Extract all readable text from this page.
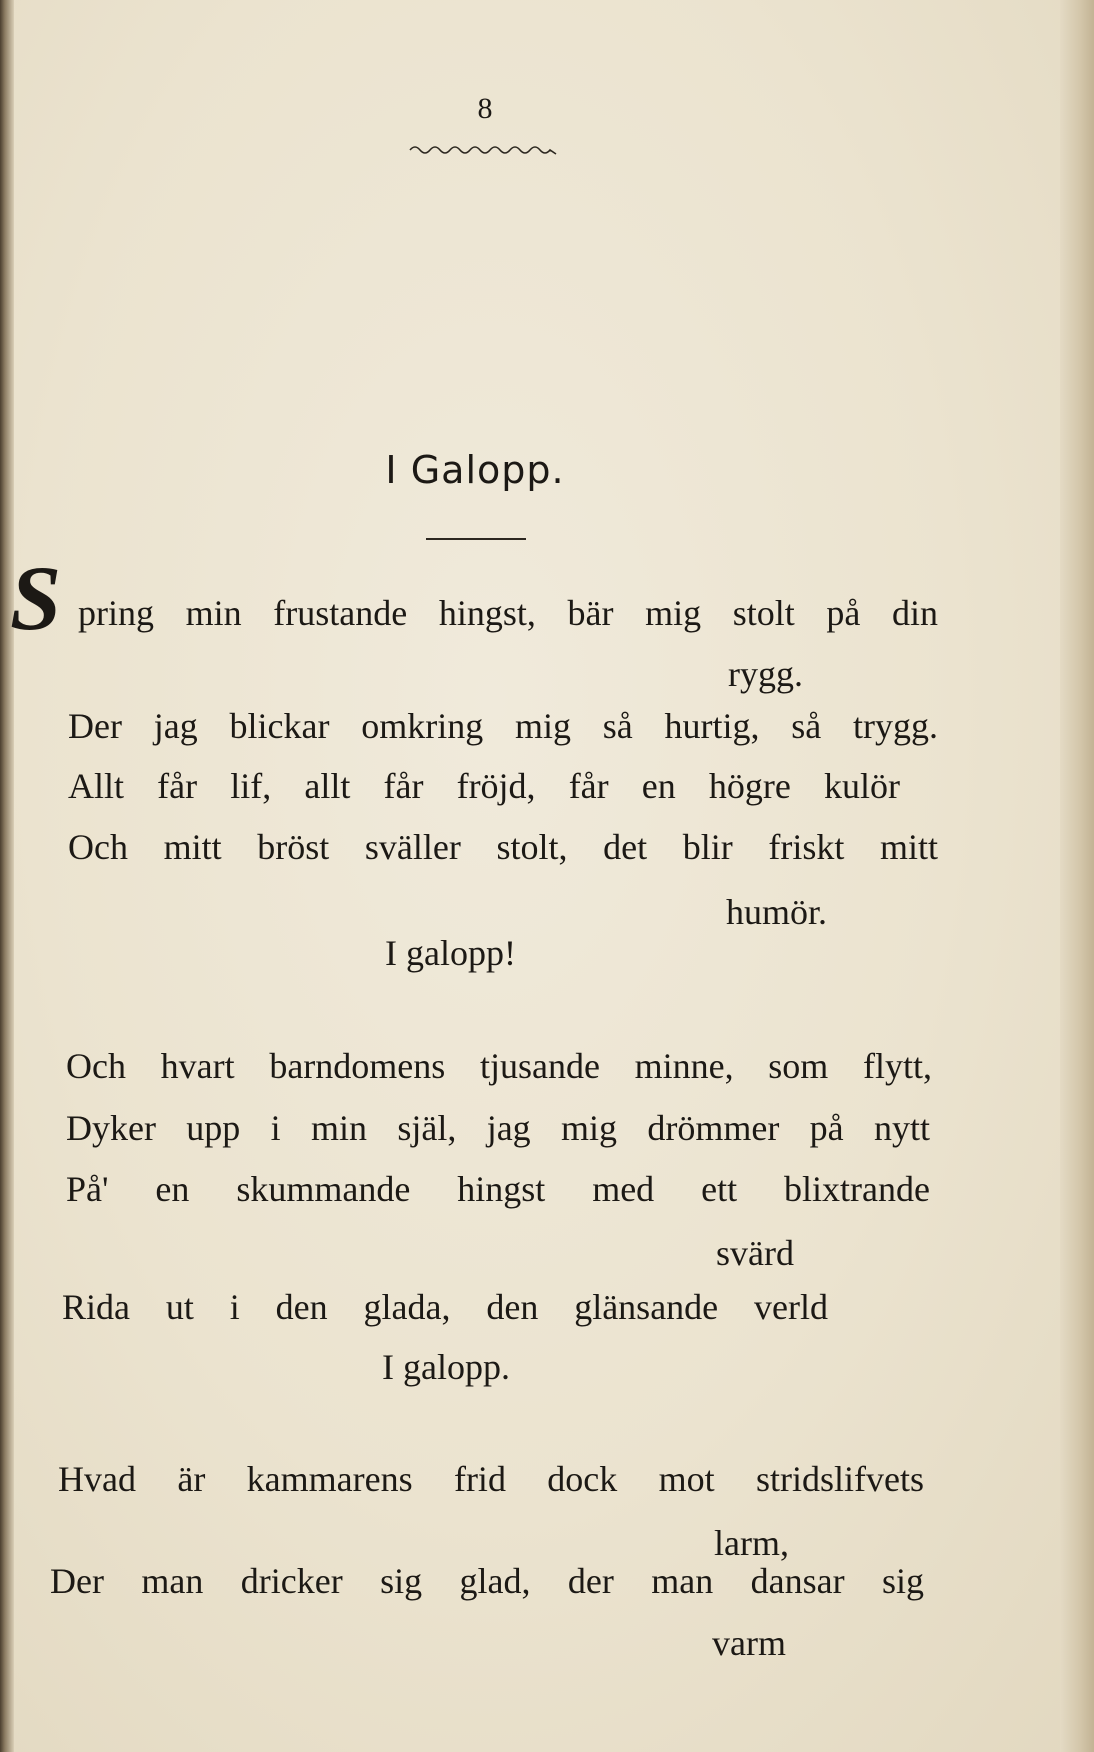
8
I Galopp.
S pring min frustande hingst, bär mig stolt på din
rygg.
Der jag blickar omkring mig så hurtig, så trygg.
Allt får lif, allt får fröjd, får en högre kulör
Och mitt bröst sväller stolt, det blir friskt mitt
humör.
I galopp!
Och hvart barndomens tjusande minne, som flytt,
Dyker upp i min själ, jag mig drömmer på nytt
På' en skummande hingst med ett blixtrande
svärd
Rida ut i den glada, den glänsande verld
I galopp.
Hvad är kammarens frid dock mot stridslifvets
larm,
Der man dricker sig glad, der man dansar sig
varm
